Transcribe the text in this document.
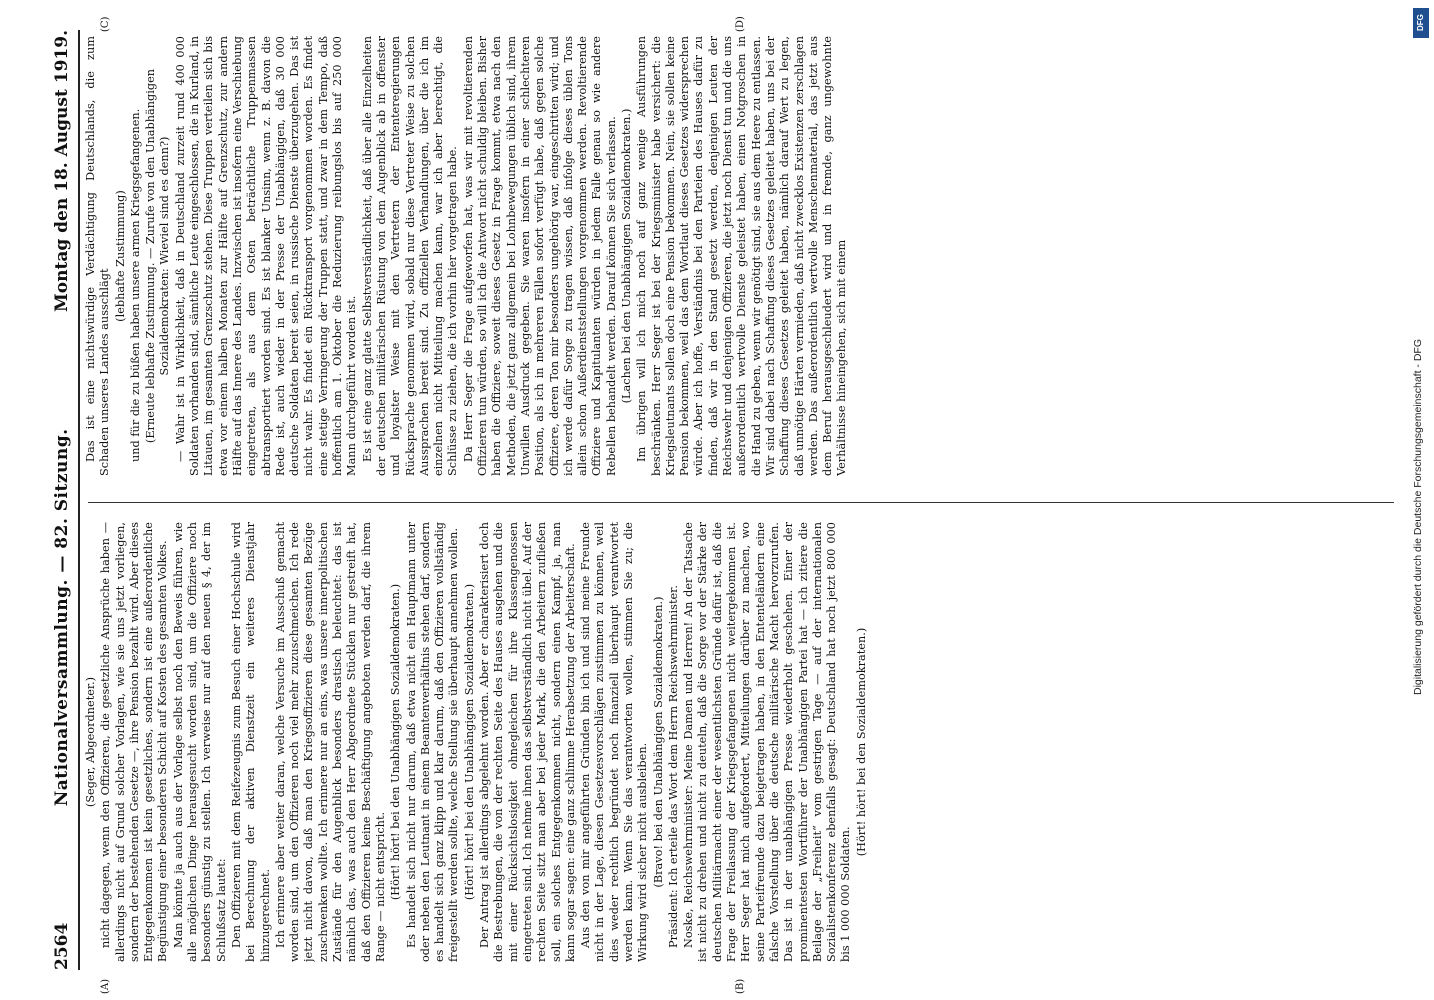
2564
Nationalversammlung. — 82. Sitzung.
Montag den 18. August 1919.
(A)	(B)
(C)	(D)

(Seger, Abgeordneter.) nicht dagegen, wenn den Offizieren, die gesetzliche Ansprüche haben — allerdings nicht auf Grund solcher Vorlagen, wie sie uns jetzt vorliegen, sondern der bestehenden Gesetze —, ihre Pension bezahlt wird. Aber dieses Entgegenkommen ist kein gesetzliches, sondern ist eine außerordentliche Begünstigung einer besonderen Schicht auf Kosten des gesamten Volkes. Man könnte ja auch aus der Vorlage selbst noch den Beweis führen, wie alle möglichen Dinge herausgesucht worden sind, um die Offiziere noch besonders günstig zu stellen. Ich verweise nur auf den neuen § 4, der im Schlußsatz lautet: Den Offizieren mit dem Reifezeugnis zum Besuch einer Hochschule wird bei Berechnung der aktiven Dienstzeit ein weiteres Dienstjahr hinzugerechnet. Ich erinnere aber weiter daran, welche Versuche im Ausschuß gemacht worden sind, um den Offizieren noch viel mehr zuzuschmeichen. Ich rede jetzt nicht davon, daß man den Kriegsoffizieren diese gesamten Bezüge zuschwenken wollte. Ich erinnere nur an eins, was unsere innerpolitischen Zustände für den Augenblick besonders drastisch beleuchtet: das ist nämlich das, was auch den Herr Abgeordnete Stücklen nur gestreift hat, daß den Offizieren keine Beschäftigung angeboten werden darf, die ihrem Range — nicht entspricht. (Hört! hört! bei den Unabhängigen Sozialdemokraten.) Es handelt sich nicht nur darum, daß etwa nicht ein Hauptmann unter oder neben den Leutnant in einem Beamtenverhältnis stehen darf, sondern es handelt sich ganz klipp und klar darum, daß den Offizieren vollständig freigestellt werden sollte, welche Stellung sie überhaupt annehmen wollen. (Hört! hört! bei den Unabhängigen Sozialdemokraten.) Der Antrag ist allerdings abgelehnt worden. Aber er charakterisiert doch die Bestrebungen, die von der rechten Seite des Hauses ausgehen und die mit einer Rücksichtslosigkeit ohnegleichen für ihre Klassengenossen eingetreten sind. Ich nehme ihnen das selbstverständlich nicht übel. Auf der rechten Seite sitzt man aber bei jeder Mark, die den Arbeitern zufließen soll, ein solches Entgegenkommen nicht, sondern einen Kampf, ja, man kann sogar sagen: eine ganz schlimme Herabsetzung der Arbeiterschaft. Aus den von mir angeführten Gründen bin ich und sind meine Freunde nicht in der Lage, diesen Gesetzesvorschlägen zustimmen zu können, weil dies weder rechtlich begründet noch finanziell überhaupt verantwortet werden kann. Wenn Sie das verantworten wollen, stimmen Sie zu; die Wirkung wird sicher nicht ausbleiben. (Bravo! bei den Unabhängigen Sozialdemokraten.) Präsident: Ich erteile das Wort dem Herrn Reichswehrminister. Noske, Reichswehrminister: Meine Damen und Herren! An der Tatsache ist nicht zu drehen und nicht zu deuteln, daß die Sorge vor der Stärke der deutschen Militärmacht einer der wesentlichsten Gründe dafür ist, daß die Frage der Freilassung der Kriegsgefangenen nicht weitergekommen ist. Herr Seger hat mich aufgefordert, Mitteilungen darüber zu machen, wo seine Parteifreunde dazu beigetragen haben, in den Ententeländern eine falsche Vorstellung über die deutsche militärische Macht hervorzurufen. Das ist in der unabhängigen Presse wiederholt geschehen. Einer der prominentesten Wortführer der Unabhängigen Partei hat — ich zitiere die Beilage der „Freiheit“ vom gestrigen Tage — auf der internationalen Sozialistenkonferenz ebenfalls gesagt: Deutschland hat noch jetzt 800 000 bis 1 000 000 Soldaten.

(Hört! hört! bei den Sozialdemokraten.)

Das ist eine nichtswürdige Verdächtigung Deutschlands, die zum Schaden unseres Landes ausschlägt

(lebhafte Zustimmung) und für die zu büßen haben unsere armen Kriegsgefangenen. (Erneute lebhafte Zustimmung. — Zurufe von den Unabhängigen Sozialdemokraten: Wieviel sind es denn?) — Wahr ist in Wirklichkeit, daß in Deutschland zurzeit rund 400 000 Soldaten vorhanden sind, sämtliche Leute eingeschlossen, die in Kurland, in Litauen, im gesamten Grenzschutz stehen. Diese Truppen verteilen sich bis etwa vor einem halben Monaten zur Hälfte auf Grenzschutz, zur andern Hälfte auf das Innere des Landes. Inzwischen ist insofern eine Verschiebung eingetreten, als aus dem Osten beträchtliche Truppenmassen abtransportiert worden sind. Es ist blanker Unsinn, wenn z. B. davon die Rede ist, auch wieder in der Presse der Unabhängigen, daß 30 000 deutsche Soldaten bereit seien, in russische Dienste überzugehen. Das ist nicht wahr. Es findet ein Rücktransport vorgenommen worden. Es findet eine stetige Verringerung der Truppen statt, und zwar in dem Tempo, daß hoffentlich am 1. Oktober die Reduzierung reibungslos bis auf 250 000 Mann durchgeführt worden ist. Es ist eine ganz glatte Selbstverständlichkeit, daß über alle Einzelheiten der deutschen militärischen Rüstung von dem Augenblick ab in offenster und loyalster Weise mit den Vertretern der Ententeregierungen Rücksprache genommen wird, sobald nur diese Vertreter Weise zu solchen Aussprachen bereit sind. Zu offiziellen Verhandlungen, über die ich im einzelnen nicht Mitteilung machen kann, war ich aber berechtigt, die Schlüsse zu ziehen, die ich vorhin hier vorgetragen habe. Da Herr Seger die Frage aufgeworfen hat, was wir mit revoltierenden Offizieren tun würden, so will ich die Antwort nicht schuldig bleiben. Bisher haben die Offiziere, soweit dieses Gesetz in Frage kommt, etwa nach den Methoden, die jetzt ganz allgemein bei Lohnbewegungen üblich sind, ihrem Unwillen Ausdruck gegeben. Sie waren insofern in einer schlechteren Position, als ich in mehreren Fällen sofort verfügt habe, daß gegen solche Offiziere, deren Ton mir besonders ungehörig war, eingeschritten wird; und ich werde dafür Sorge zu tragen wissen, daß infolge dieses üblen Tons allein schon Außerdienststellungen vorgenommen werden. Revoltierende Offiziere und Kapitulanten würden in jedem Falle genau so wie andere Rebellen behandelt werden. Darauf können Sie sich verlassen. (Lachen bei den Unabhängigen Sozialdemokraten.) Im übrigen will ich mich noch auf ganz wenige Ausführungen beschränken. Herr Seger ist bei der Kriegsminister habe versichert: die Kriegsleutnants sollen doch eine Pension bekommen. Nein, sie sollen keine Pension bekommen, weil das dem Wortlaut dieses Gesetzes widersprechen würde. Aber ich hoffe, Verständnis bei den Parteien des Hauses dafür zu finden, daß wir in den Stand gesetzt werden, denjenigen Leuten der Reichswehr und denjenigen Offizieren, die jetzt noch Dienst tun und die uns außerordentlich wertvolle Dienste geleistet haben, einen Notgroschen in die Hand zu geben, wenn wir genötigt sind, sie aus dem Heere zu entlassen. Wir sind dabei nach Schaffung dieses Gesetzes geleitet haben, uns bei der Schaffung dieses Gesetzes geleitet haben, nämlich darauf Wert zu legen, daß unnötige Härten vermieden, daß nicht zwecklos Existenzen zerschlagen werden. Das außerordentlich wertvolle Menschenmaterial, das jetzt aus dem Beruf herausgeschleudert wird und in fremde, ganz ungewohnte Verhältnisse hineingehen, sich mit einem

DFG
Digitalisierung gefördert durch die Deutsche Forschungsgemeinschaft - DFG
